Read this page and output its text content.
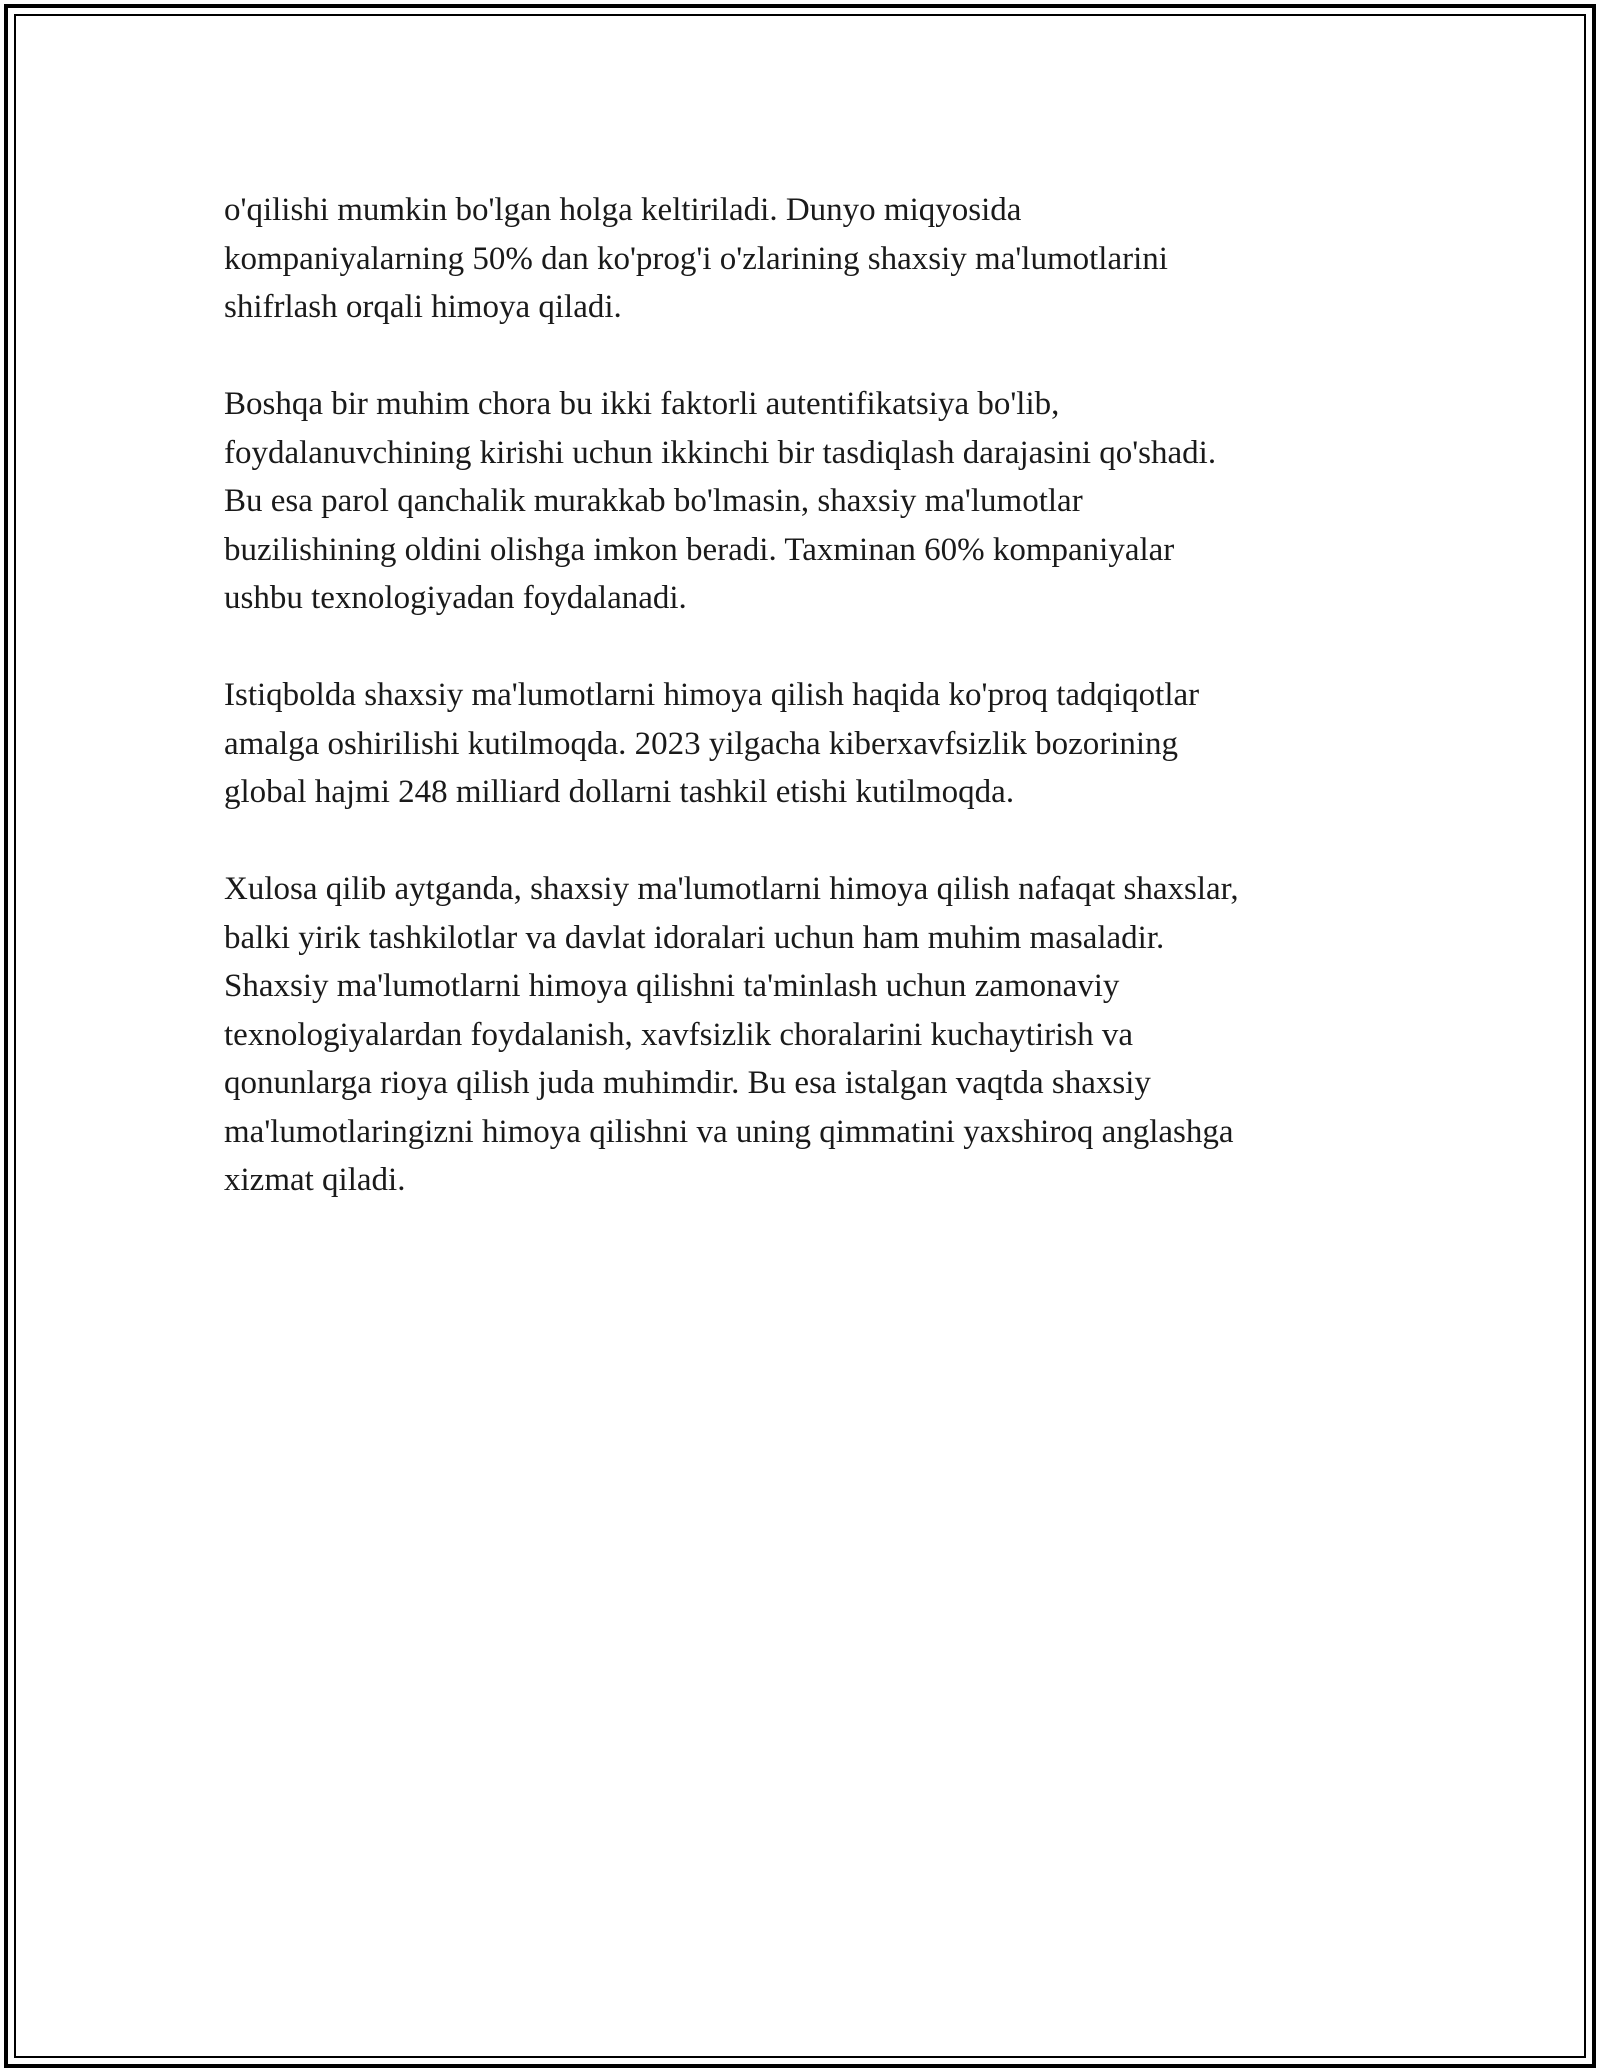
o'qilishi mumkin bo'lgan holga keltiriladi. Dunyo miqyosida
kompaniyalarning 50% dan ko'prog'i o'zlarining shaxsiy ma'lumotlarini
shifrlash orqali himoya qiladi.

Boshqa bir muhim chora bu ikki faktorli autentifikatsiya bo'lib,
foydalanuvchining kirishi uchun ikkinchi bir tasdiqlash darajasini qo'shadi.
Bu esa parol qanchalik murakkab bo'lmasin, shaxsiy ma'lumotlar
buzilishining oldini olishga imkon beradi. Taxminan 60% kompaniyalar
ushbu texnologiyadan foydalanadi.

Istiqbolda shaxsiy ma'lumotlarni himoya qilish haqida ko'proq tadqiqotlar
amalga oshirilishi kutilmoqda. 2023 yilgacha kiberxavfsizlik bozorining
global hajmi 248 milliard dollarni tashkil etishi kutilmoqda.

Xulosa qilib aytganda, shaxsiy ma'lumotlarni himoya qilish nafaqat shaxslar,
balki yirik tashkilotlar va davlat idoralari uchun ham muhim masaladir.
Shaxsiy ma'lumotlarni himoya qilishni ta'minlash uchun zamonaviy
texnologiyalardan foydalanish, xavfsizlik choralarini kuchaytirish va
qonunlarga rioya qilish juda muhimdir. Bu esa istalgan vaqtda shaxsiy
ma'lumotlaringizni himoya qilishni va uning qimmatini yaxshiroq anglashga
xizmat qiladi.
